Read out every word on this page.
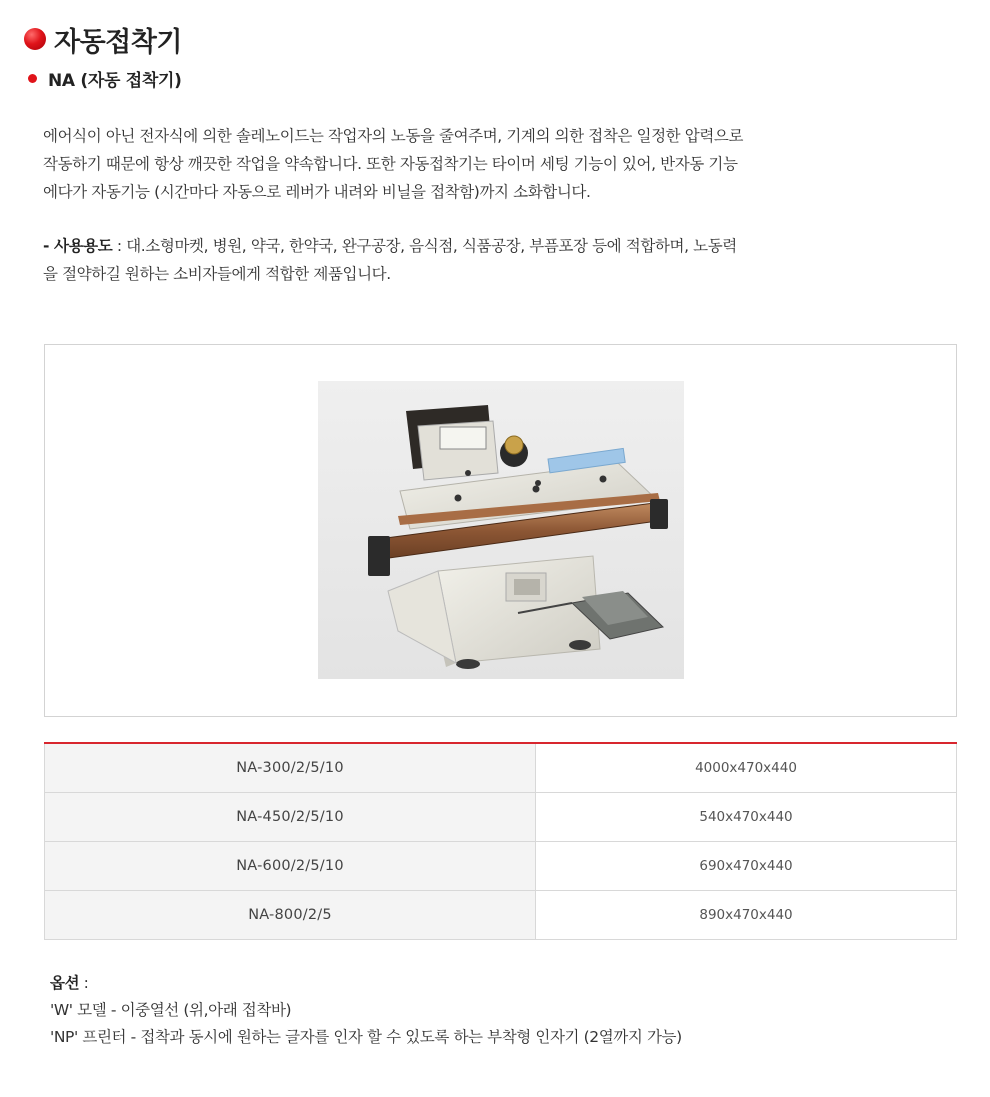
자동접착기
NA (자동 접착기)

에어식이 아닌 전자식에 의한 솔레노이드는 작업자의 노동을 줄여주며, 기계의 의한 접착은 일정한 압력으로

작동하기 때문에 항상 깨끗한 작업을 약속합니다. 또한 자동접착기는 타이머 세팅 기능이 있어, 반자동 기능

에다가 자동기능 (시간마다 자동으로 레버가 내려와 비닐을 접착함)까지 소화합니다.

- 사용용도 : 대.소형마켓, 병원, 약국, 한약국, 완구공장, 음식점, 식품공장, 부픔포장 등에 적합하며, 노동력

을 절약하길 원하는 소비자들에게 적합한 제품입니다.

NA-300/2/5/10	4000x470x440
NA-450/2/5/10	540x470x440
NA-600/2/5/10	690x470x440
NA-800/2/5	890x470x440

옵션 :

'W' 모델 - 이중열선 (위,아래 접착바)

'NP' 프린터 - 접착과 동시에 원하는 글자를 인자 할 수 있도록 하는 부착형 인자기 (2열까지 가능)
